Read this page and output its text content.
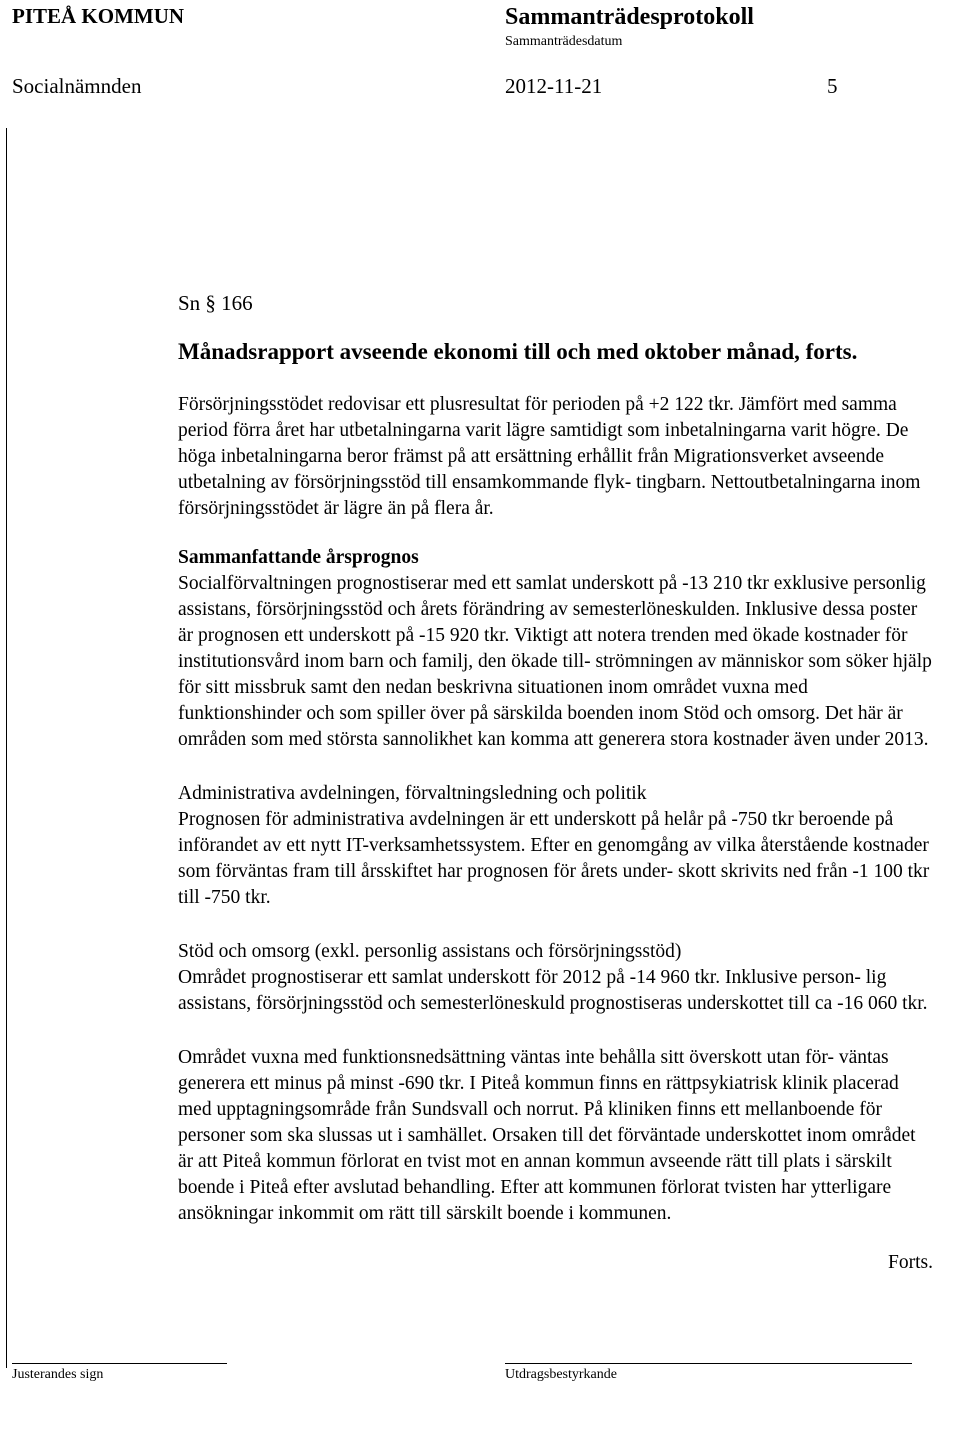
PITEÅ KOMMUN	Sammanträdesprotokoll
Sammanträdesdatum
Socialnämnden	2012-11-21	5
Sn § 166
Månadsrapport avseende ekonomi till och med oktober månad, forts.
Försörjningsstödet redovisar ett plusresultat för perioden på +2 122 tkr. Jämfört med samma period förra året har utbetalningarna varit lägre samtidigt som inbetalningarna varit högre. De höga inbetalningarna beror främst på att ersättning erhållit från Migrationsverket avseende utbetalning av försörjningsstöd till ensamkommande flyk- tingbarn. Nettoutbetalningarna inom försörjningsstödet är lägre än på flera år.
Sammanfattande årsprognos
Socialförvaltningen prognostiserar med ett samlat underskott på -13 210 tkr exklusive personlig assistans, försörjningsstöd och årets förändring av semesterlöneskulden. Inklusive dessa poster är prognosen ett underskott på -15 920 tkr. Viktigt att notera trenden med ökade kostnader för institutionsvård inom barn och familj, den ökade till- strömningen av människor som söker hjälp för sitt missbruk samt den nedan beskrivna situationen inom området vuxna med funktionshinder och som spiller över på särskilda boenden inom Stöd och omsorg. Det här är områden som med största sannolikhet kan komma att generera stora kostnader även under 2013.
Administrativa avdelningen, förvaltningsledning och politik
Prognosen för administrativa avdelningen är ett underskott på helår på -750 tkr beroende på införandet av ett nytt IT-verksamhetssystem. Efter en genomgång av vilka återstående kostnader som förväntas fram till årsskiftet har prognosen för årets under- skott skrivits ned från -1 100 tkr till -750 tkr.
Stöd och omsorg (exkl. personlig assistans och försörjningsstöd)
Området prognostiserar ett samlat underskott för 2012 på -14 960 tkr. Inklusive person- lig assistans, försörjningsstöd och semesterlöneskuld prognostiseras underskottet till ca -16 060 tkr.
Området vuxna med funktionsnedsättning väntas inte behålla sitt överskott utan för- väntas generera ett minus på minst -690 tkr. I Piteå kommun finns en rättpsykiatrisk klinik placerad med upptagningsområde från Sundsvall och norrut. På kliniken finns ett mellanboende för personer som ska slussas ut i samhället. Orsaken till det förväntade underskottet inom området är att Piteå kommun förlorat en tvist mot en annan kommun avseende rätt till plats i särskilt boende i Piteå efter avslutad behandling. Efter att kommunen förlorat tvisten har ytterligare ansökningar inkommit om rätt till särskilt boende i kommunen.
Forts.
Justerandes sign	Utdragsbestyrkande
